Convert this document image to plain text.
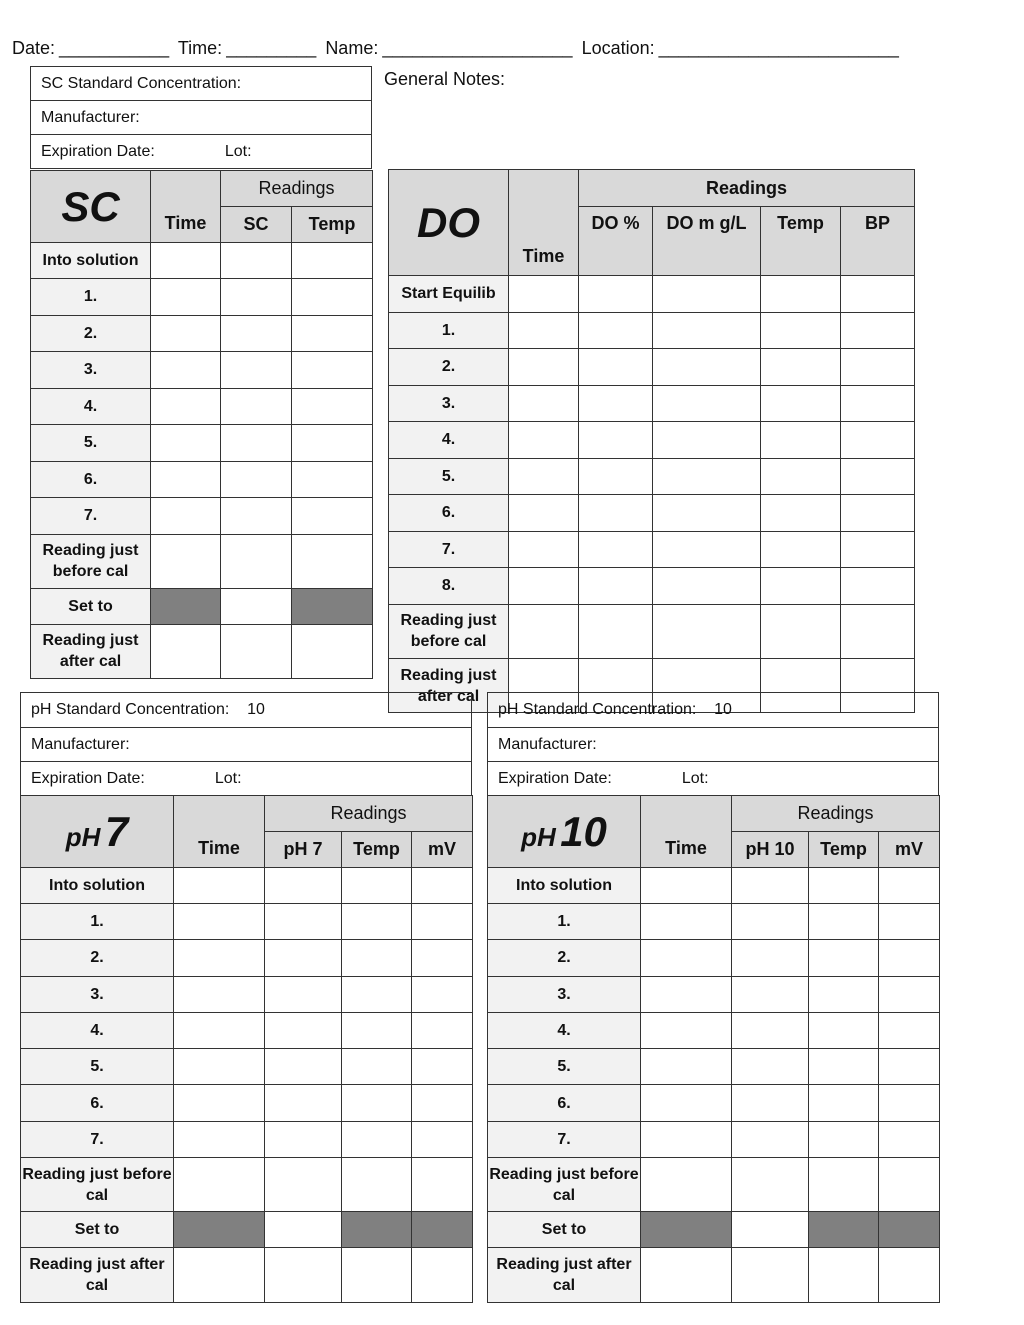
Date: ___________ Time: _________ Name: ___________________ Location: ________________________
General Notes:
SC Standard Concentration:
Manufacturer:
Expiration Date:	Lot:
SC	Time	Readings	
		SC	Temp
Into solution			
1.			
2.			
3.			
4.			
5.			
6.			
7.			
Reading just before cal			
Set to			
Reading just after cal			
DO	Time	Readings			
		DO %	DO m g/L	Temp	BP
Start Equilib					
1.					
2.					
3.					
4.					
5.					
6.					
7.					
8.					
Reading just before cal					
Reading just after cal					
pH Standard Concentration: 10
Manufacturer:
Expiration Date:	Lot:
pH 7	Time	Readings		
		pH 7	Temp	mV
Into solution				
1.				
2.				
3.				
4.				
5.				
6.				
7.				
Reading just before cal				
Set to				
Reading just after cal				
pH Standard Concentration: 10
Manufacturer:
Expiration Date:	Lot:
pH 10	Time	Readings		
		pH 10	Temp	mV
Into solution				
1.				
2.				
3.				
4.				
5.				
6.				
7.				
Reading just before cal				
Set to				
Reading just after cal				
